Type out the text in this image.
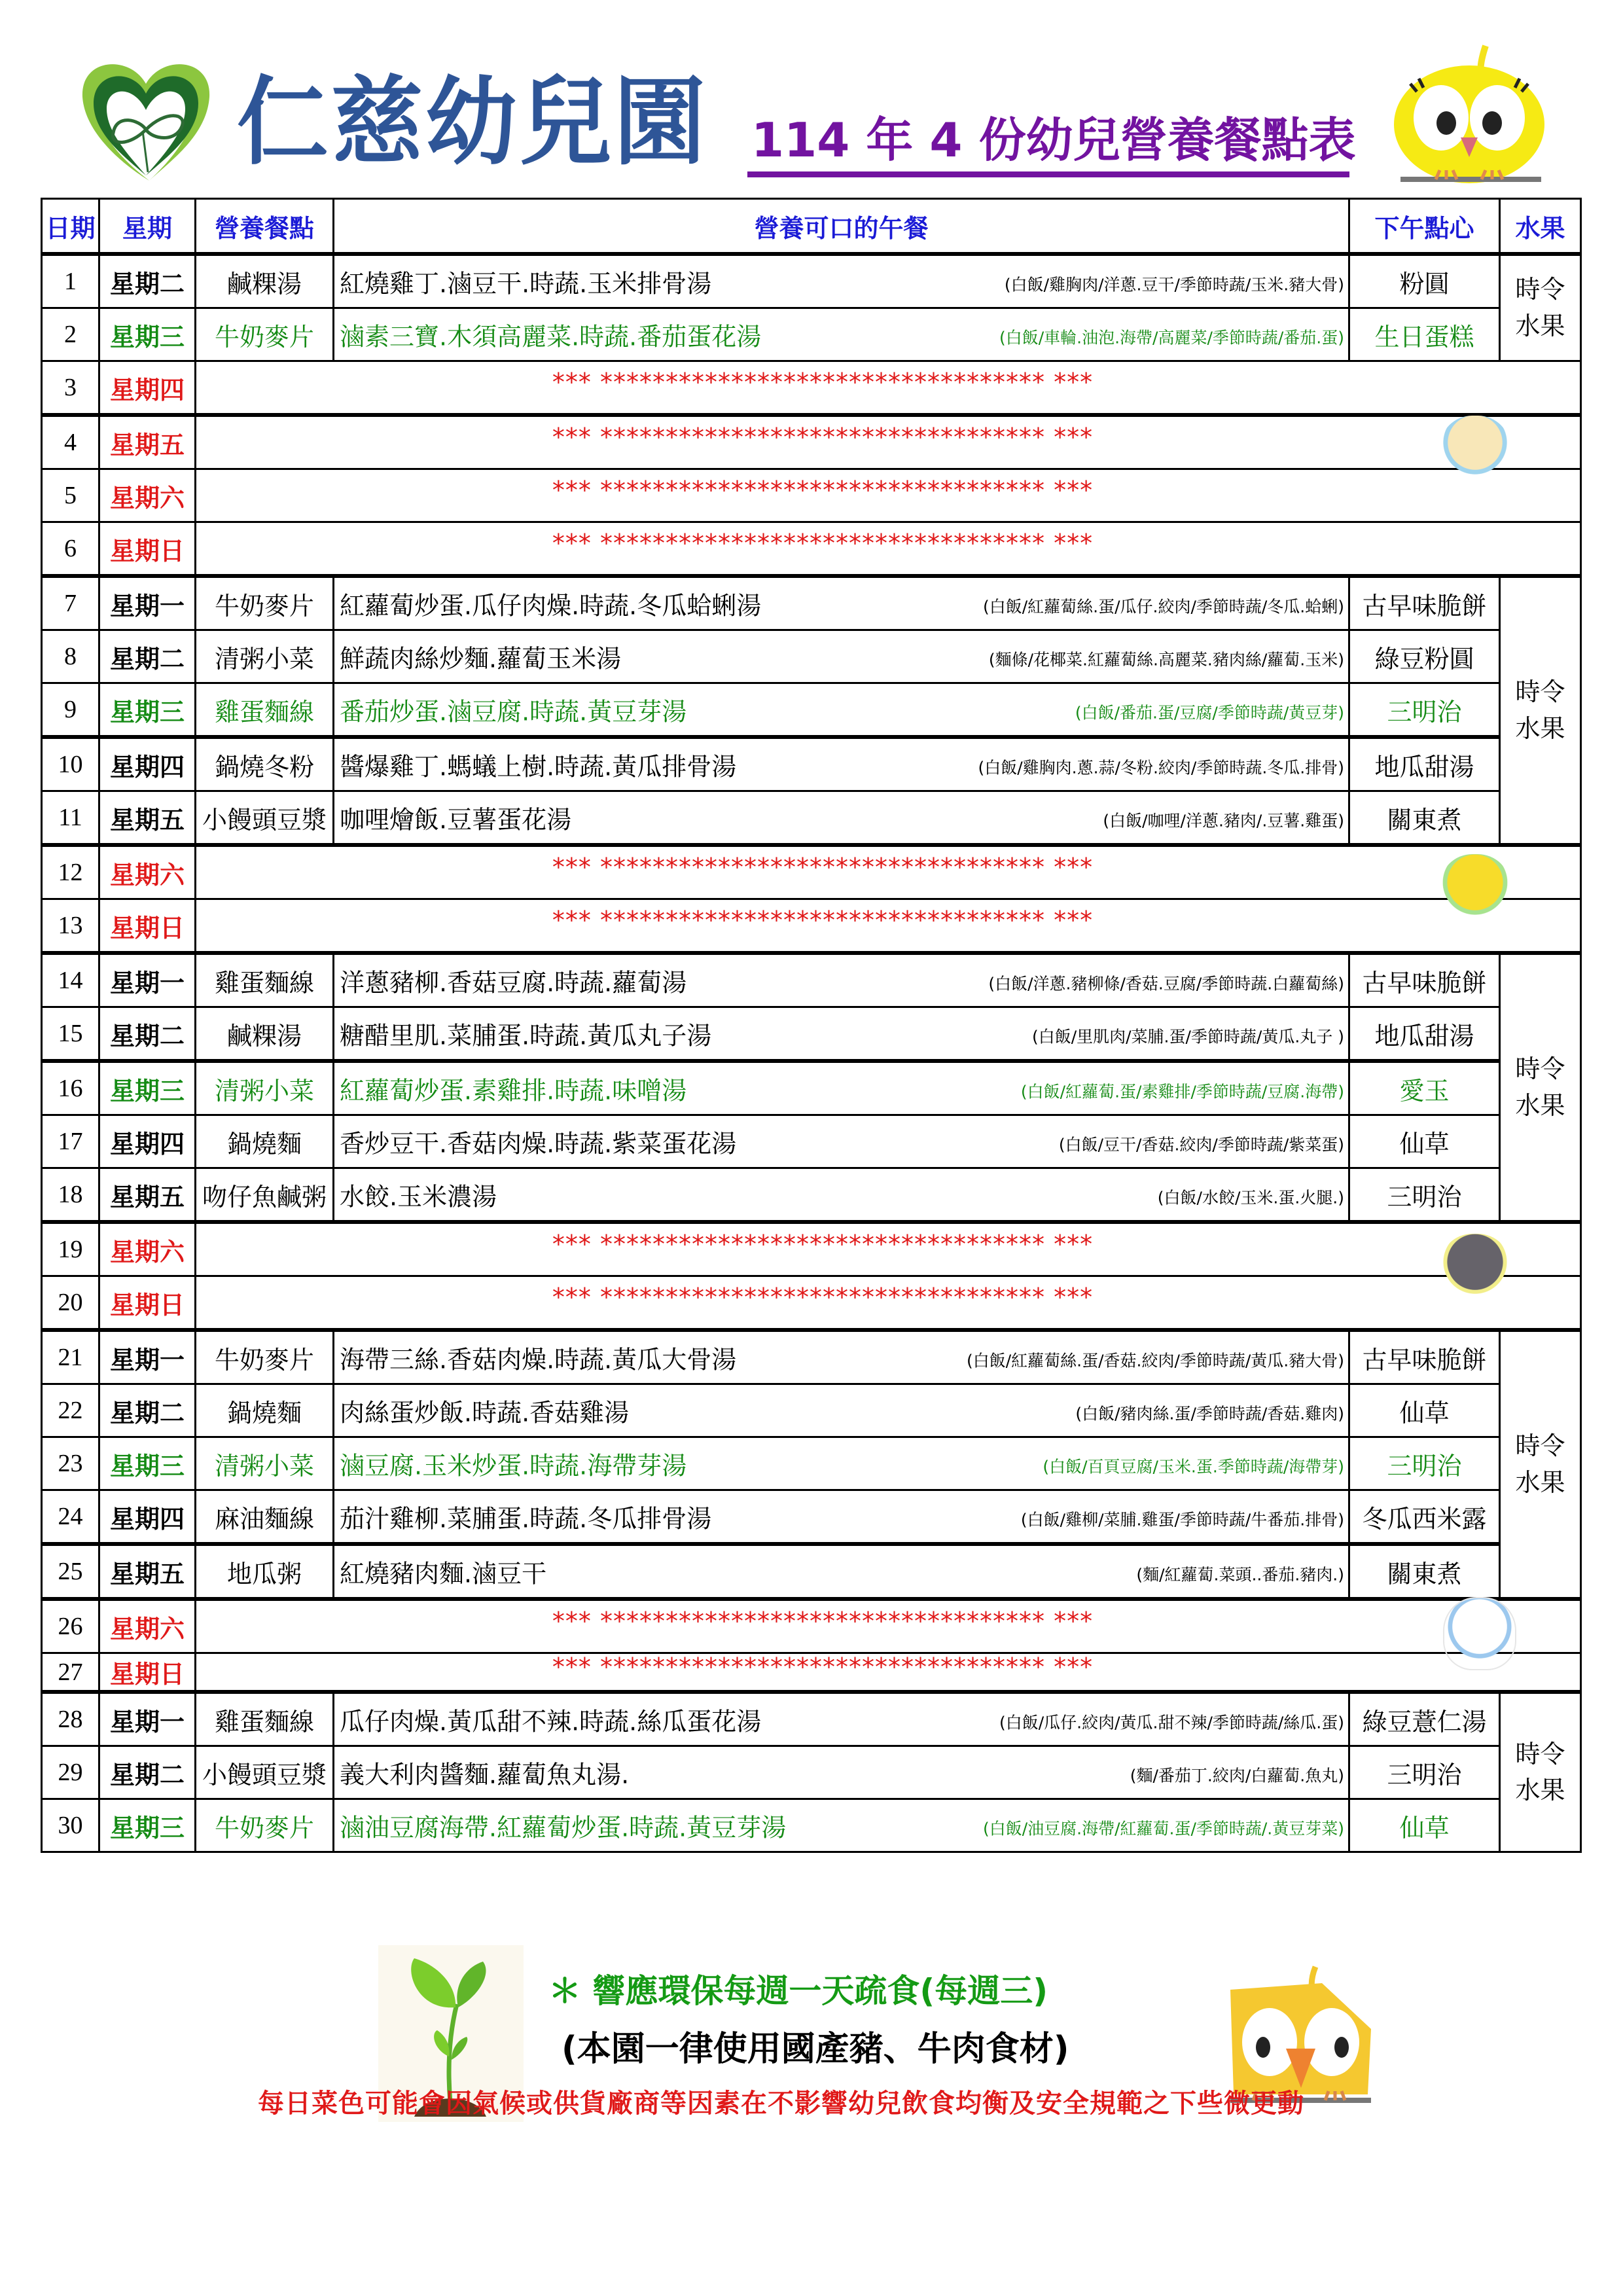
仁慈幼兒園 114 年 4 份幼兒營養餐點表
日期	星期	營養餐點	營養可口的午餐	下午點心	水果
1	星期二	鹹粿湯	紅燒雞丁.滷豆干.時蔬.玉米排骨湯 (白飯/雞胸肉/洋蔥.豆干/季節時蔬/玉米.豬大骨)	粉圓	時令
水果
2	星期三	牛奶麥片	滷素三寶.木須高麗菜.時蔬.番茄蛋花湯 (白飯/車輪.油泡.海帶/高麗菜/季節時蔬/番茄.蛋)	生日蛋糕	
3	星期四	*** ********************************** ***			
4	星期五	*** ********************************** ***			
5	星期六	*** ********************************** ***			
6	星期日	*** ********************************** ***			
7	星期一	牛奶麥片	紅蘿蔔炒蛋.瓜仔肉燥.時蔬.冬瓜蛤蜊湯 (白飯/紅蘿蔔絲.蛋/瓜仔.絞肉/季節時蔬/冬瓜.蛤蜊)	古早味脆餅	時令
水果
8	星期二	清粥小菜	鮮蔬肉絲炒麵.蘿蔔玉米湯 (麵條/花椰菜.紅蘿蔔絲.高麗菜.豬肉絲/蘿蔔.玉米)	綠豆粉圓	
9	星期三	雞蛋麵線	番茄炒蛋.滷豆腐.時蔬.黃豆芽湯 (白飯/番茄.蛋/豆腐/季節時蔬/黃豆芽)	三明治	
10	星期四	鍋燒冬粉	醬爆雞丁.螞蟻上樹.時蔬.黃瓜排骨湯 (白飯/雞胸肉.蔥.蒜/冬粉.絞肉/季節時蔬.冬瓜.排骨)	地瓜甜湯	
11	星期五	小饅頭豆漿	咖哩燴飯.豆薯蛋花湯 (白飯/咖哩/洋蔥.豬肉/.豆薯.雞蛋)	關東煮	
12	星期六	*** ********************************** ***			
13	星期日	*** ********************************** ***			
14	星期一	雞蛋麵線	洋蔥豬柳.香菇豆腐.時蔬.蘿蔔湯 (白飯/洋蔥.豬柳條/香菇.豆腐/季節時蔬.白蘿蔔絲)	古早味脆餅	時令
水果
15	星期二	鹹粿湯	糖醋里肌.菜脯蛋.時蔬.黃瓜丸子湯 (白飯/里肌肉/菜脯.蛋/季節時蔬/黃瓜.丸子 )	地瓜甜湯	
16	星期三	清粥小菜	紅蘿蔔炒蛋.素雞排.時蔬.味噌湯 (白飯/紅蘿蔔.蛋/素雞排/季節時蔬/豆腐.海帶)	愛玉	
17	星期四	鍋燒麵	香炒豆干.香菇肉燥.時蔬.紫菜蛋花湯 (白飯/豆干/香菇.絞肉/季節時蔬/紫菜蛋)	仙草	
18	星期五	吻仔魚鹹粥	水餃.玉米濃湯 (白飯/水餃/玉米.蛋.火腿.)	三明治	
19	星期六	*** ********************************** ***			
20	星期日	*** ********************************** ***			
21	星期一	牛奶麥片	海帶三絲.香菇肉燥.時蔬.黃瓜大骨湯 (白飯/紅蘿蔔絲.蛋/香菇.絞肉/季節時蔬/黃瓜.豬大骨)	古早味脆餅	時令
水果
22	星期二	鍋燒麵	肉絲蛋炒飯.時蔬.香菇雞湯 (白飯/豬肉絲.蛋/季節時蔬/香菇.雞肉)	仙草	
23	星期三	清粥小菜	滷豆腐.玉米炒蛋.時蔬.海帶芽湯 (白飯/百頁豆腐/玉米.蛋.季節時蔬/海帶芽)	三明治	
24	星期四	麻油麵線	茄汁雞柳.菜脯蛋.時蔬.冬瓜排骨湯 (白飯/雞柳/菜脯.雞蛋/季節時蔬/牛番茄.排骨)	冬瓜西米露	
25	星期五	地瓜粥	紅燒豬肉麵.滷豆干 (麵/紅蘿蔔.菜頭..番茄.豬肉.)	關東煮	
26	星期六	*** ********************************** ***			
27	星期日	*** ********************************** ***			
28	星期一	雞蛋麵線	瓜仔肉燥.黃瓜甜不辣.時蔬.絲瓜蛋花湯 (白飯/瓜仔.絞肉/黃瓜.甜不辣/季節時蔬/絲瓜.蛋)	綠豆薏仁湯	時令
水果
29	星期二	小饅頭豆漿	義大利肉醬麵.蘿蔔魚丸湯. (麵/番茄丁.絞肉/白蘿蔔.魚丸)	三明治	
30	星期三	牛奶麥片	滷油豆腐海帶.紅蘿蔔炒蛋.時蔬.黃豆芽湯 (白飯/油豆腐.海帶/紅蘿蔔.蛋/季節時蔬/.黃豆芽菜)	仙草	
＊ 響應環保每週一天疏食(每週三)
(本園一律使用國產豬、牛肉食材)
每日菜色可能會因氣候或供貨廠商等因素在不影響幼兒飲食均衡及安全規範之下些微更動
